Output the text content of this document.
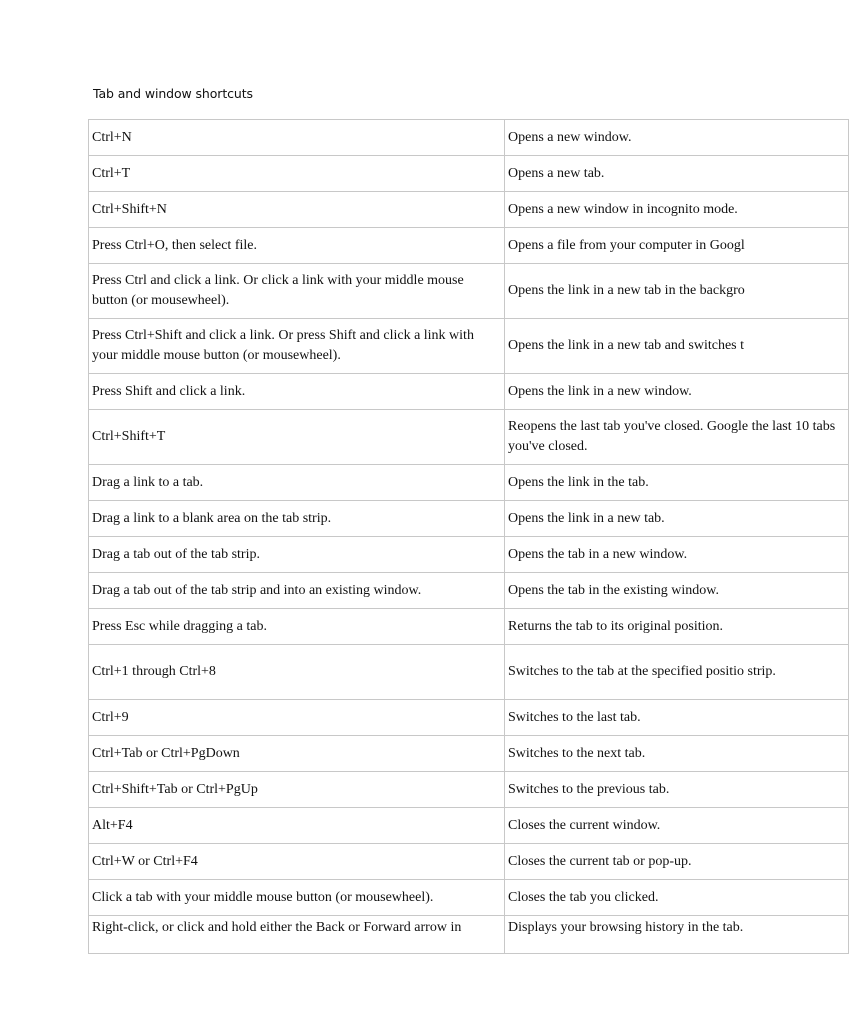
Tab and window shortcuts
Ctrl+N	Opens a new window.
Ctrl+T	Opens a new tab.
Ctrl+Shift+N	Opens a new window in incognito mode.
Press Ctrl+O, then select file.	Opens a file from your computer in Googl
Press Ctrl and click a link. Or click a link with your middle mouse button (or mousewheel).	Opens the link in a new tab in the backgro
Press Ctrl+Shift and click a link. Or press Shift and click a link with your middle mouse button (or mousewheel).	Opens the link in a new tab and switches t
Press Shift and click a link.	Opens the link in a new window.
Ctrl+Shift+T	Reopens the last tab you've closed. Google the last 10 tabs you've closed.
Drag a link to a tab.	Opens the link in the tab.
Drag a link to a blank area on the tab strip.	Opens the link in a new tab.
Drag a tab out of the tab strip.	Opens the tab in a new window.
Drag a tab out of the tab strip and into an existing window.	Opens the tab in the existing window.
Press Esc while dragging a tab.	Returns the tab to its original position.
Ctrl+1 through Ctrl+8	Switches to the tab at the specified positio strip.
Ctrl+9	Switches to the last tab.
Ctrl+Tab or Ctrl+PgDown	Switches to the next tab.
Ctrl+Shift+Tab or Ctrl+PgUp	Switches to the previous tab.
Alt+F4	Closes the current window.
Ctrl+W or Ctrl+F4	Closes the current tab or pop-up.
Click a tab with your middle mouse button (or mousewheel).	Closes the tab you clicked.
Right-click, or click and hold either the Back or Forward arrow in	Displays your browsing history in the tab.
